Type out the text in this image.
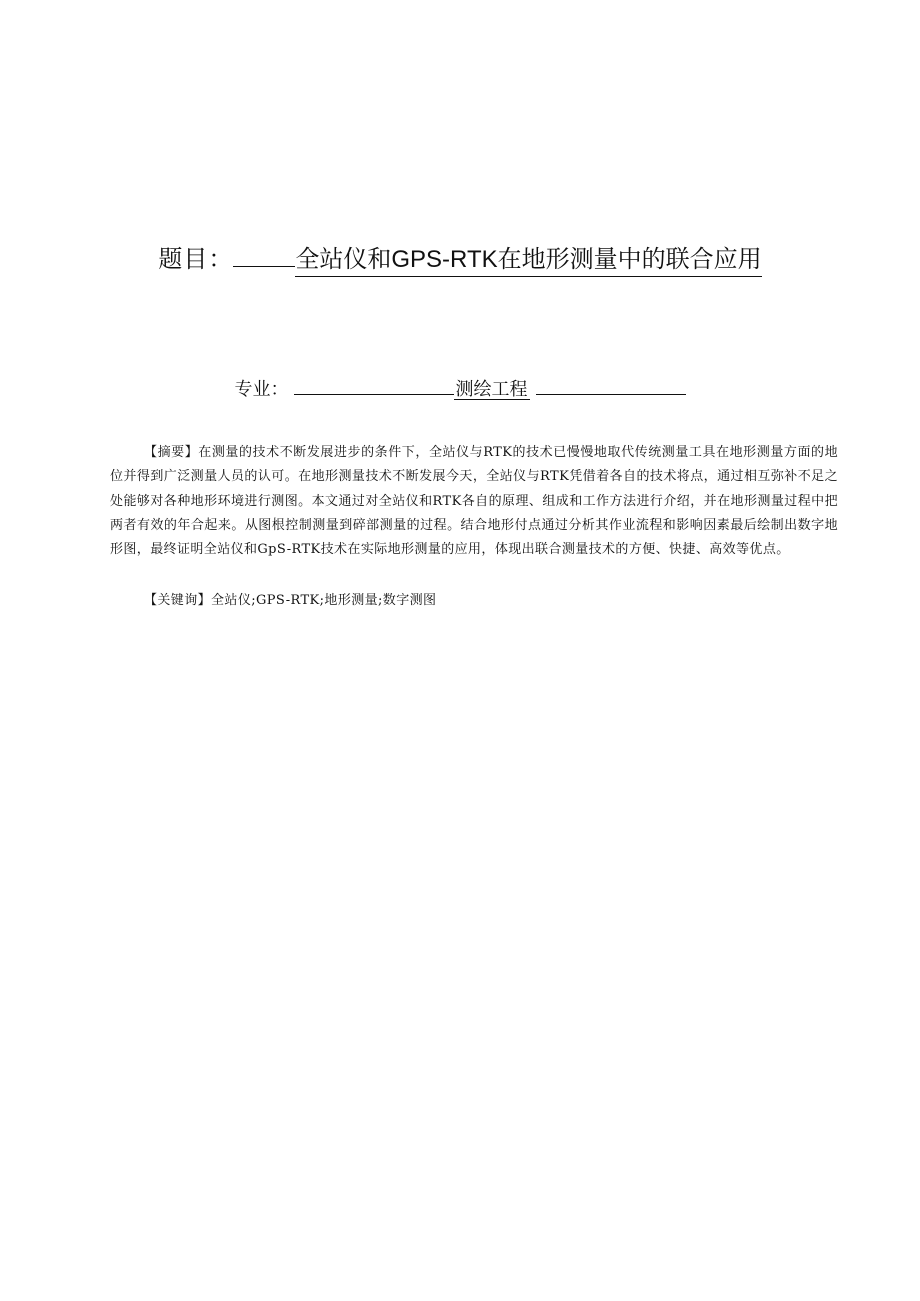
题目：	全站仪和GPS-RTK在地形测量中的联合应用
专业：	测绘工程

【摘要】在测量的技术不断发展进步的条件下，全站仪与RTK的技术已慢慢地取代传统测量工具在地形测量方面的地位并得到广泛测量人员的认可。在地形测量技术不断发展今天，全站仪与RTK凭借着各自的技术将点，通过相互弥补不足之处能够对各种地形环境进行测图。本文通过对全站仪和RTK各自的原理、组成和工作方法进行介绍，并在地形测量过程中把两者有效的年合起来。从图根控制测量到碎部测量的过程。结合地形付点通过分析其作业流程和影响因素最后绘制出数字地形图，最终证明全站仪和GpS-RTK技术在实际地形测量的应用，体现出联合测量技术的方便、快捷、高效等优点。

【关键询】全站仪;GPS-RTK;地形测量;数字测图
